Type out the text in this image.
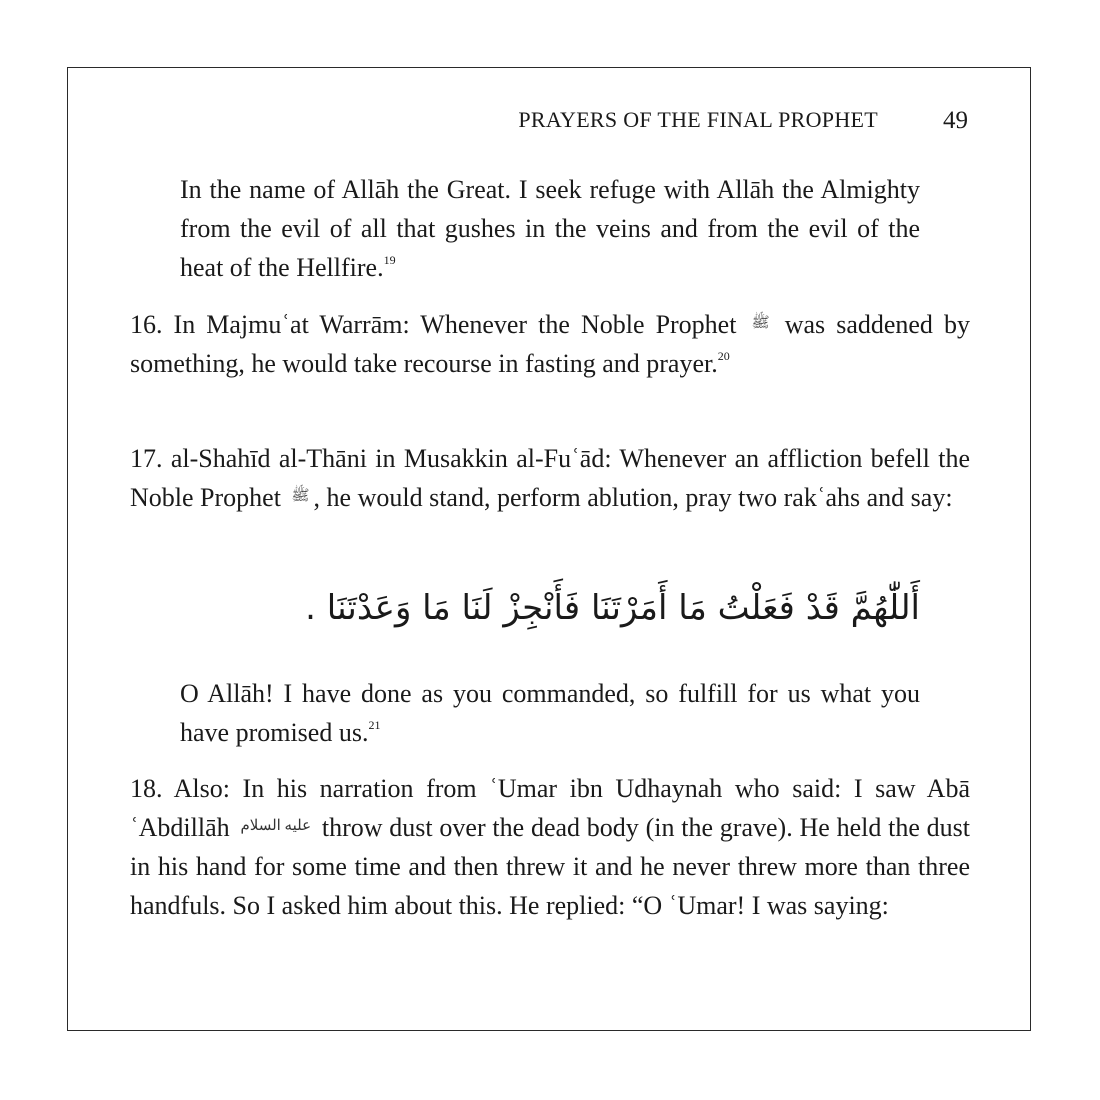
PRAYERS OF THE FINAL PROPHET	49
In the name of Allāh the Great. I seek refuge with Allāh the Almighty from the evil of all that gushes in the veins and from the evil of the heat of the Hellfire.$^{19}$
16. In Majmuʿat Warrām: Whenever the Noble Prophet ﷺ was saddened by something, he would take recourse in fasting and prayer.$^{20}$
17. al-Shahīd al-Thāni in Musakkin al-Fuʿād: Whenever an affliction befell the Noble Prophet ﷺ , he would stand, perform ablution, pray two rakʿahs and say:
أَللّٰهُمَّ قَدْ فَعَلْتُ مَا أَمَرْتَنَا فَأَنْجِزْ لَنَا مَا وَعَدْتَنَا .
O Allāh! I have done as you commanded, so fulfill for us what you have promised us.$^{21}$
18. Also: In his narration from ʿUmar ibn Udhaynah who said: I saw Abā ʿAbdillāh عليه السلام throw dust over the dead body (in the grave). He held the dust in his hand for some time and then threw it and he never threw more than three handfuls. So I asked him about this. He replied: “O ʿUmar! I was saying:
